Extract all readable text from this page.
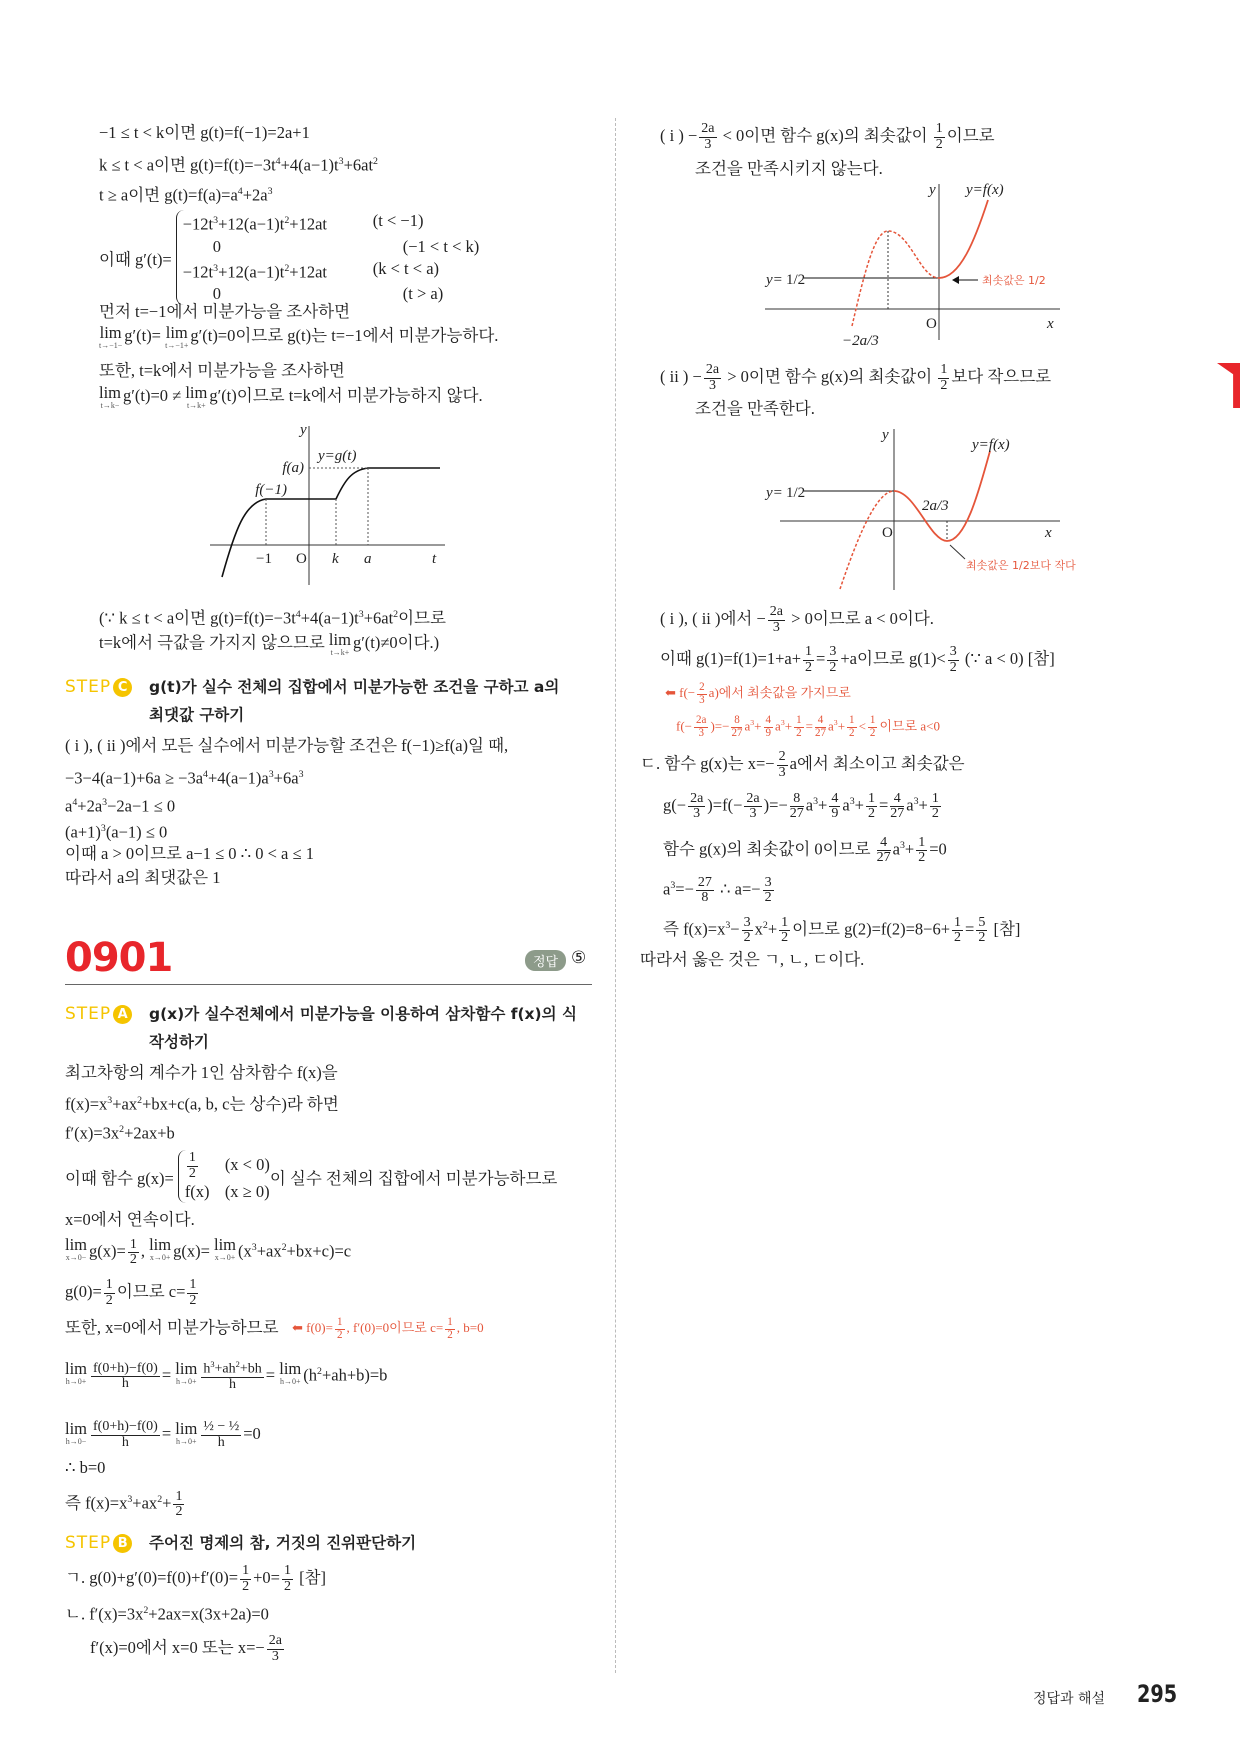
−1 ≤ t < k이면 g(t)=f(−1)=2a+1
k ≤ t < a이면 $g(t)=f(t)=-3t^4+4(a-1)t^3+6at^2$
t ≥ a이면 $g(t)=f(a)=a^4+2a^3$
이때 g′(t)=
$-12t^3+12(a-1)t^2+12at$	(t < −1)
0	(−1 < t < k)
$-12t^3+12(a-1)t^2+12at$	(k < t < a)
0	(t > a)
먼저 t=−1에서 미분가능을 조사하면
lim
t→−1−
g′(t)= lim
t→−1+
g′(t)=0이므로 g(t)는 t=−1에서 미분가능하다.
또한, t=k에서 미분가능을 조사하면
lim
t→k−
g′(t)=0 ≠ lim
t→k+
g′(t)이므로 t=k에서 미분가능하지 않다.
y
y=g(t)
f(a)
f(−1)
−1 O k a	t
(∵ k ≤ t < a이면 $g(t)=f(t)=-3t^4+4(a-1)t^3+6at^2$이므로
t=k에서 극값을 가지지 않으므로 lim
t→k+
g′(t)≠0이다.)
STEP C g(t)가 실수 전체의 집합에서 미분가능한 조건을 구하고 a의
최댓값 구하기
( i ), ( ii )에서 모든 실수에서 미분가능할 조건은 f(−1)≥f(a)일 때,
$-3-4(a-1)+6a \ge -3a^4+4(a-1)a^3+6a^3$
$a^4+2a^3-2a-1 \le 0$
$(a+1)^3(a-1) \le 0$
이때 a > 0이므로 a−1 ≤ 0 ∴ 0 < a ≤ 1
따라서 a의 최댓값은 1
0901	정답 ⑤
STEP A g(x)가 실수전체에서 미분가능을 이용하여 삼차함수 f(x)의 식
작성하기
최고차항의 계수가 1인 삼차함수 f(x)을
$f(x)=x^3+ax^2+bx+c(a$, b, c는 상수)라 하면
$f'(x)=3x^2+2ax+b$
이때 함수 $g(x)= \frac{1}{2} (x < 0)$
f(x) (x ≥ 0)
이 실수 전체의 집합에서 미분가능하므로
x=0에서 연속이다.
lim
$x\to 0- g(x)= \frac{1}{2}$ , lim
x→0+ g(x)= lim
$x\to 0+ (x^3+ax^2+bx+c)=c$
$g(0)= \frac{1}{2}$ 이므로 $c= \frac{1}{2}$
또한, x=0에서 미분가능하므로 ⬅ $f(0)= \frac{1}{2}$ , f′(0)=0이므로 $c= \frac{1}{2}$ , b=0
lim
$h\to 0+ \frac{f(0+h)-f(0)}{h} = \lim$
$h\to 0+ \frac{h^3+ah^2+bh}{h} = \lim$
$h\to 0+ (h^2+ah+b)=b$
lim
$h\to 0- \frac{f(0+h)-f(0)}{h} = \lim$
h→0+
½ − ½
h	=0
∴ b=0
즉 $f(x)=x^3+ax^2+ \frac{1}{2}$
STEP B 주어진 명제의 참, 거짓의 진위판단하기
ㄱ. $g(0)+g'(0)=f(0)+f'(0)= \frac{1}{2} +0= \frac{1}{2}$ [참]
ㄴ. $f'(x)=3x^2+2ax=x(3x+2a)=0$
f′(x)=0에서 x=0 또는 $x=- \frac{2a}{3}$
( i ) − $\frac{2a}{3} < 0$이면 함수 g(x)의 최솟값이 $\frac{1}{2}$ 이므로
조건을 만족시키지 않는다.
y y=f(x)
y= 1/2	최솟값은 1/2
O	x
−2a/3
( ii ) − $\frac{2a}{3} > 0$이면 함수 g(x)의 최솟값이 $\frac{1}{2}$ 보다 작으므로
조건을 만족한다.
y
y=f(x)
y= 1/2
2a/3
O	x
최솟값은 1/2보다 작다
( i ), ( ii )에서 − $\frac{2a}{3} > 0$이므로 a < 0이다.
이때 $g(1)=f(1)=1+a+ \frac{1}{2} = \frac{3}{2} +a$이므로 $g(1)< \frac{3}{2}$ (∵ a < 0) [참]
⬅ $f(- \frac{2}{3} a)$에서 최솟값을 가지므로
$f(- \frac{2a}{3}$ )=− $\frac{8}{27} a^3+ \frac{4}{9} a^3+ \frac{1}{2} = \frac{4}{27} a^3+ \frac{1}{2} < \frac{1}{2}$ 이므로 a<0
ㄷ. 함수 g(x)는 $x=- \frac{2}{3}$ a에서 최소이고 최솟값은
$g(- \frac{2a}{3} )=f(- \frac{2a}{3}$ )=− $\frac{8}{27} a^3+ \frac{4}{9} a^3+ \frac{1}{2} = \frac{4}{27} a^3+ \frac{1}{2}$
함수 g(x)의 최솟값이 0이므로 $\frac{4}{27} a^3+ \frac{1}{2} =0$
$a^3=- \frac{27}{8}$ ∴ $a=- \frac{3}{2}$
즉 $f(x)=x^3- \frac{3}{2} x^2+ \frac{1}{2}$ 이므로 $g(2)=f(2)=8-6+ \frac{1}{2} = \frac{5}{2}$ [참]
따라서 옳은 것은 ㄱ, ㄴ, ㄷ이다.
정답과 해설 295
